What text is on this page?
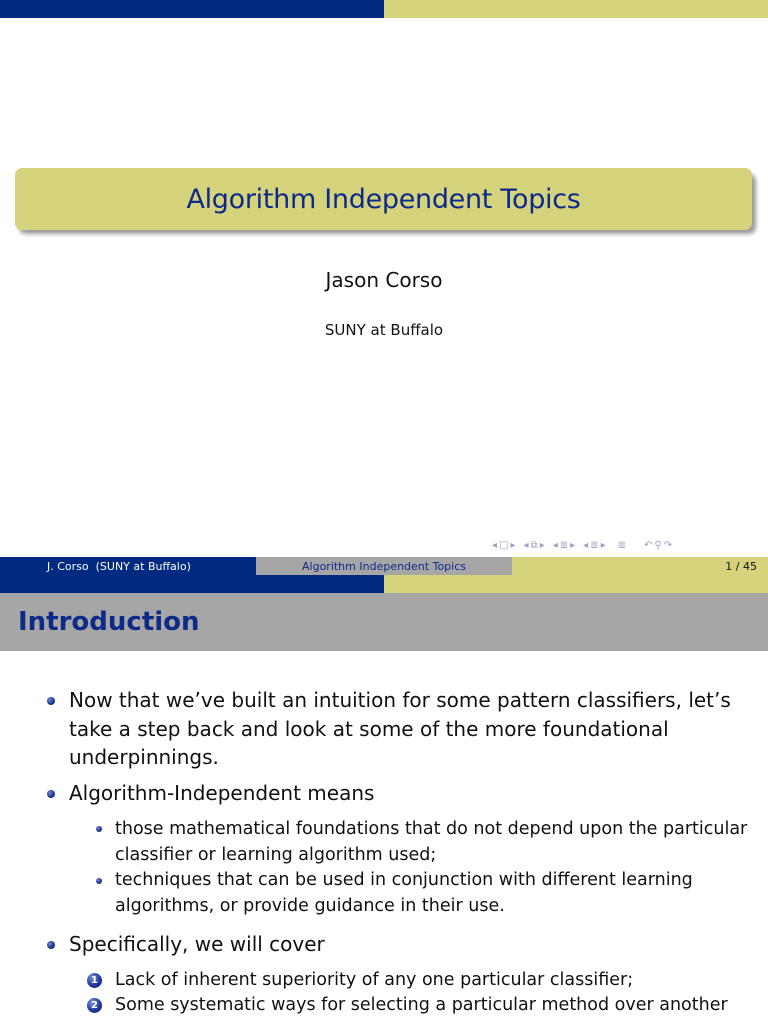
Algorithm Independent Topics
Jason Corso
SUNY at Buffalo
◂ □ ▸ ◂ ⧉ ▸ ◂ ≣ ▸ ◂ ≣ ▸ ≣ ↶ ⚲ ↷
J. Corso  (SUNY at Buffalo)	Algorithm Independent Topics	1 / 45
Introduction
Now that we’ve built an intuition for some pattern classifiers, let’s take a step back and look at some of the more foundational underpinnings.
Algorithm-Independent means
those mathematical foundations that do not depend upon the particular classifier or learning algorithm used;
techniques that can be used in conjunction with different learning algorithms, or provide guidance in their use.
Specifically, we will cover
1 Lack of inherent superiority of any one particular classifier;
2 Some systematic ways for selecting a particular method over another
